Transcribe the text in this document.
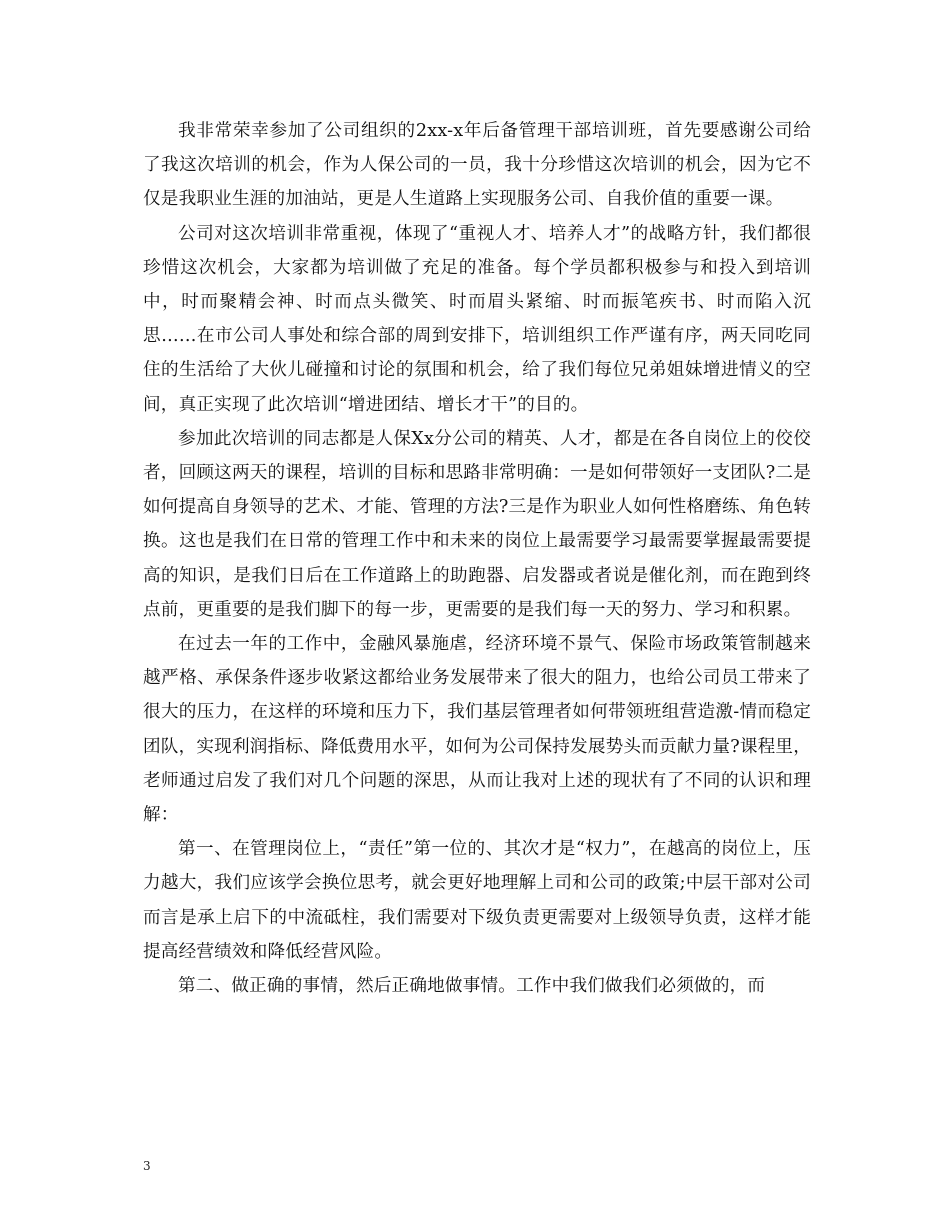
我非常荣幸参加了公司组织的2xx-x年后备管理干部培训班，首先要感谢公司给了我这次培训的机会，作为人保公司的一员，我十分珍惜这次培训的机会，因为它不仅是我职业生涯的加油站，更是人生道路上实现服务公司、自我价值的重要一课。

公司对这次培训非常重视，体现了“重视人才、培养人才”的战略方针，我们都很珍惜这次机会，大家都为培训做了充足的准备。每个学员都积极参与和投入到培训中，时而聚精会神、时而点头微笑、时而眉头紧缩、时而振笔疾书、时而陷入沉思……在市公司人事处和综合部的周到安排下，培训组织工作严谨有序，两天同吃同住的生活给了大伙儿碰撞和讨论的氛围和机会，给了我们每位兄弟姐妹增进情义的空间，真正实现了此次培训“增进团结、增长才干”的目的。

参加此次培训的同志都是人保Xx分公司的精英、人才，都是在各自岗位上的佼佼者，回顾这两天的课程，培训的目标和思路非常明确：一是如何带领好一支团队?二是如何提高自身领导的艺术、才能、管理的方法?三是作为职业人如何性格磨练、角色转换。这也是我们在日常的管理工作中和未来的岗位上最需要学习最需要掌握最需要提高的知识，是我们日后在工作道路上的助跑器、启发器或者说是催化剂，而在跑到终点前，更重要的是我们脚下的每一步，更需要的是我们每一天的努力、学习和积累。

在过去一年的工作中，金融风暴施虐，经济环境不景气、保险市场政策管制越来越严格、承保条件逐步收紧这都给业务发展带来了很大的阻力，也给公司员工带来了很大的压力，在这样的环境和压力下，我们基层管理者如何带领班组营造激-情而稳定团队，实现利润指标、降低费用水平，如何为公司保持发展势头而贡献力量?课程里，老师通过启发了我们对几个问题的深思，从而让我对上述的现状有了不同的认识和理解：

第一、在管理岗位上，“责任”第一位的、其次才是“权力”，在越高的岗位上，压力越大，我们应该学会换位思考，就会更好地理解上司和公司的政策;中层干部对公司而言是承上启下的中流砥柱，我们需要对下级负责更需要对上级领导负责，这样才能提高经营绩效和降低经营风险。

第二、做正确的事情，然后正确地做事情。工作中我们做我们必须做的，而

3
